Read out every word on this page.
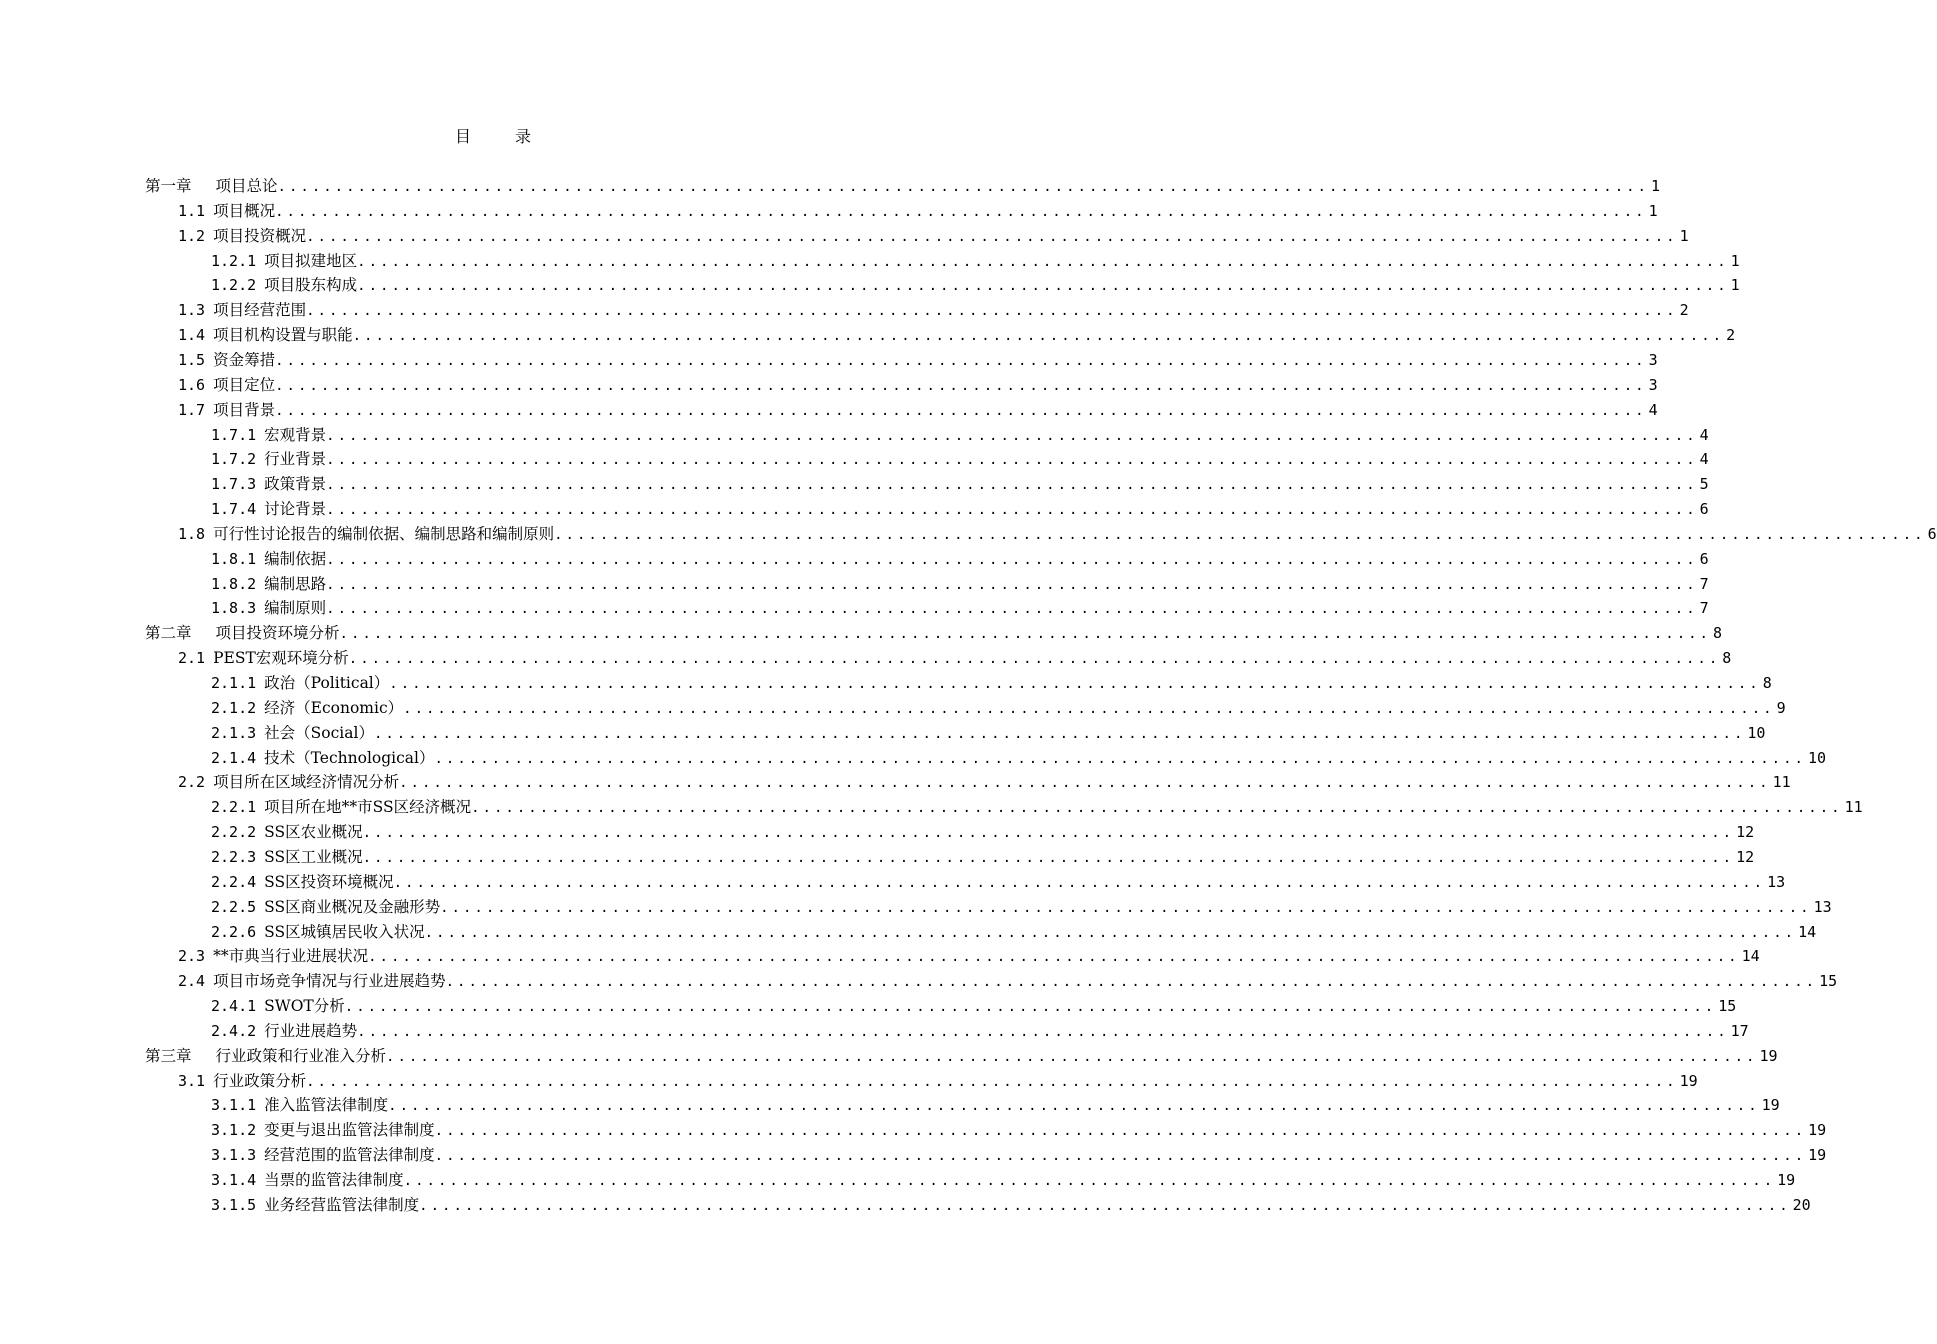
目　录
第一章 项目总论 ........................................................................................................................ 1
1.1 项目概况 ........................................................................................................................ 1
1.2 项目投资概况 ........................................................................................................................ 1
1.2.1 项目拟建地区 ........................................................................................................................ 1
1.2.2 项目股东构成 ........................................................................................................................ 1
1.3 项目经营范围 ........................................................................................................................ 2
1.4 项目机构设置与职能 ........................................................................................................................ 2
1.5 资金筹措 ........................................................................................................................ 3
1.6 项目定位 ........................................................................................................................ 3
1.7 项目背景 ........................................................................................................................ 4
1.7.1 宏观背景 ........................................................................................................................ 4
1.7.2 行业背景 ........................................................................................................................ 4
1.7.3 政策背景 ........................................................................................................................ 5
1.7.4 讨论背景 ........................................................................................................................ 6
1.8 可行性讨论报告的编制依据、编制思路和编制原则 ........................................................................................................................ 6
1.8.1 编制依据 ........................................................................................................................ 6
1.8.2 编制思路 ........................................................................................................................ 7
1.8.3 编制原则 ........................................................................................................................ 7
第二章 项目投资环境分析 ........................................................................................................................ 8
2.1 PEST宏观环境分析 ........................................................................................................................ 8
2.1.1 政治（Political） ........................................................................................................................ 8
2.1.2 经济（Economic） ........................................................................................................................ 9
2.1.3 社会（Social） ........................................................................................................................ 10
2.1.4 技术（Technological） ........................................................................................................................ 10
2.2 项目所在区域经济情况分析 ........................................................................................................................ 11
2.2.1 项目所在地**市SS区经济概况 ........................................................................................................................ 11
2.2.2 SS区农业概况 ........................................................................................................................ 12
2.2.3 SS区工业概况 ........................................................................................................................ 12
2.2.4 SS区投资环境概况 ........................................................................................................................ 13
2.2.5 SS区商业概况及金融形势 ........................................................................................................................ 13
2.2.6 SS区城镇居民收入状况 ........................................................................................................................ 14
2.3 **市典当行业进展状况 ........................................................................................................................ 14
2.4 项目市场竞争情况与行业进展趋势 ........................................................................................................................ 15
2.4.1 SWOT分析 ........................................................................................................................ 15
2.4.2 行业进展趋势 ........................................................................................................................ 17
第三章 行业政策和行业准入分析 ........................................................................................................................ 19
3.1 行业政策分析 ........................................................................................................................ 19
3.1.1 准入监管法律制度 ........................................................................................................................ 19
3.1.2 变更与退出监管法律制度 ........................................................................................................................ 19
3.1.3 经营范围的监管法律制度 ........................................................................................................................ 19
3.1.4 当票的监管法律制度 ........................................................................................................................ 19
3.1.5 业务经营监管法律制度 ........................................................................................................................ 20
